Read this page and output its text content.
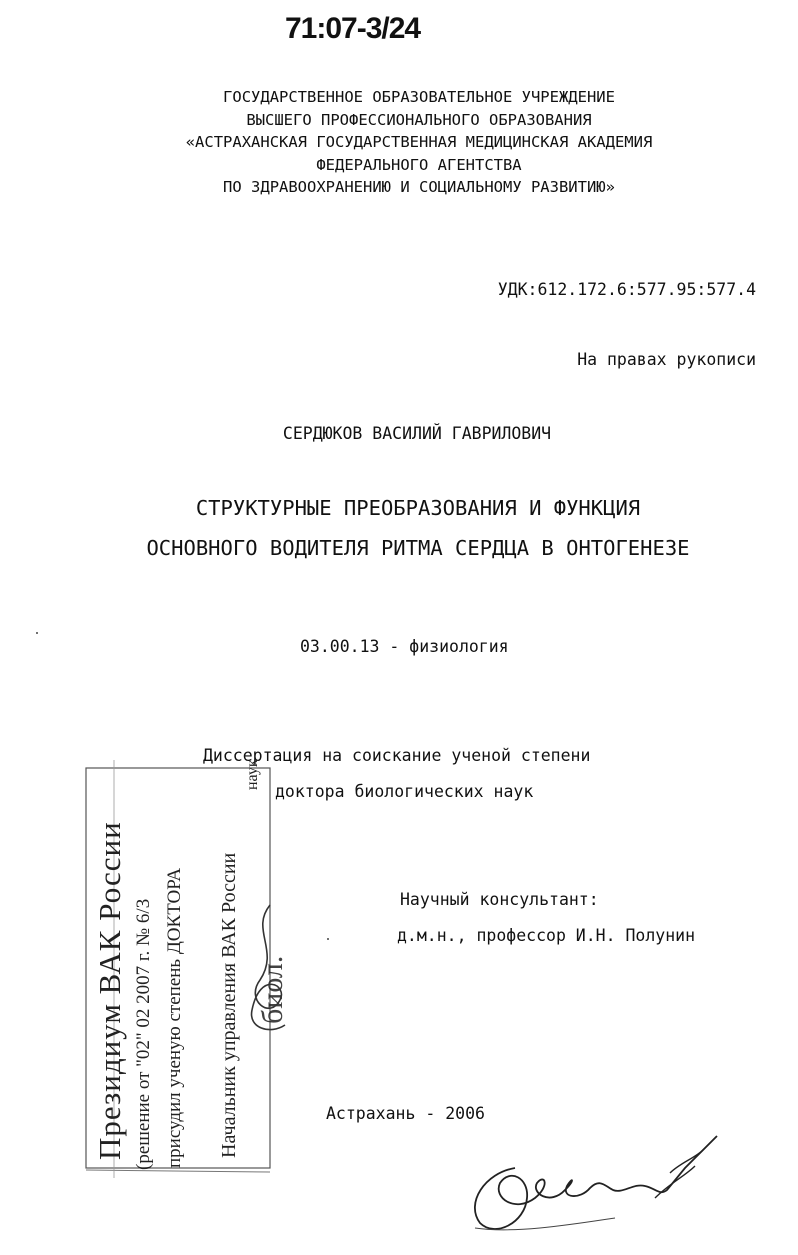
71:07-3/24
ГОСУДАРСТВЕННОЕ ОБРАЗОВАТЕЛЬНОЕ УЧРЕЖДЕНИЕ
ВЫСШЕГО ПРОФЕССИОНАЛЬНОГО ОБРАЗОВАНИЯ
«АСТРАХАНСКАЯ ГОСУДАРСТВЕННАЯ МЕДИЦИНСКАЯ АКАДЕМИЯ
ФЕДЕРАЛЬНОГО АГЕНТСТВА
ПО ЗДРАВООХРАНЕНИЮ И СОЦИАЛЬНОМУ РАЗВИТИЮ»
УДК:612.172.6:577.95:577.4
На правах рукописи
СЕРДЮКОВ ВАСИЛИЙ ГАВРИЛОВИЧ
СТРУКТУРНЫЕ ПРЕОБРАЗОВАНИЯ И ФУНКЦИЯ
ОСНОВНОГО ВОДИТЕЛЯ РИТМА СЕРДЦА В ОНТОГЕНЕЗЕ
03.00.13 - физиология
Диссертация на соискание ученой степени
доктора биологических наук
Научный консультант:
д.м.н., профессор И.Н. Полунин
Астрахань - 2006
Президиум ВАК России (решение от "02" 02 2007 г. № 6/3 присудил ученую степень ДОКТОРА Начальник управления ВАК России
наук
биол.
